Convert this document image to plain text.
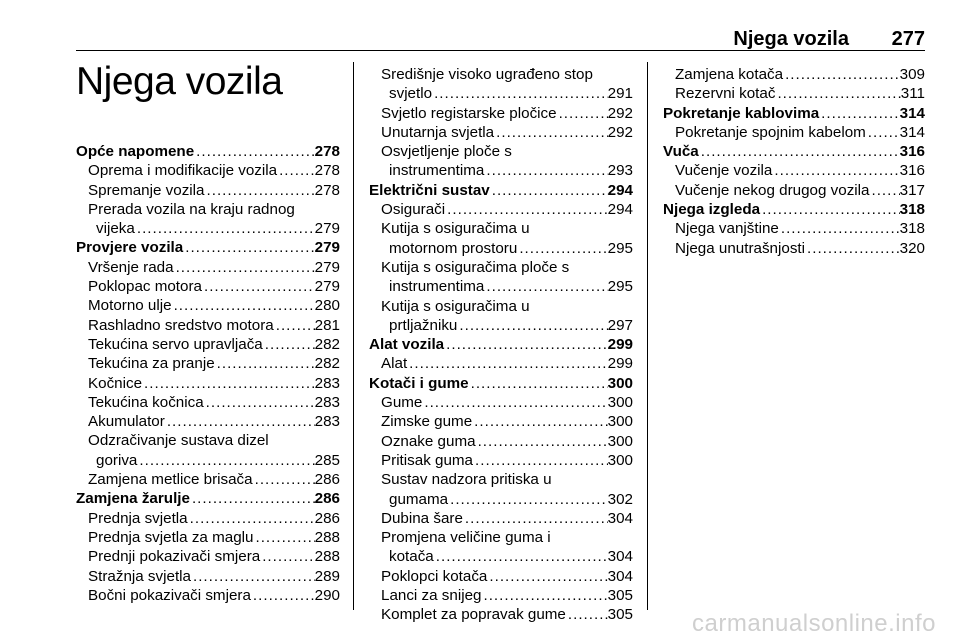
Njega vozila 277
Njega vozila
Opće napomene .....	278
Oprema i modifikacije vozila ..... 278
Spremanje vozila .....	278
Prerada vozila na kraju radnog
vijeka .....	279
Provjere vozila .....	279
Vršenje rada .....	279
Poklopac motora .....	279
Motorno ulje .....	280
Rashladno sredstvo motora .....	281
Tekućina servo upravljača .....	282
Tekućina za pranje .....	282
Kočnice .....	283
Tekućina kočnica .....	283
Akumulator .....	283
Odzračivanje sustava dizel
goriva .....	285
Zamjena metlice brisača .....	286
Zamjena žarulje .....	286
Prednja svjetla .....	286
Prednja svjetla za maglu .....	288
Prednji pokazivači smjera .....	288
Stražnja svjetla .....	289
Bočni pokazivači smjera .....	290
Središnje visoko ugrađeno stop
svjetlo .....	291
Svjetlo registarske pločice .....	292
Unutarnja svjetla .....	292
Osvjetljenje ploče s
instrumentima .....	293
Električni sustav .....	294
Osigurači .....	294
Kutija s osiguračima u
motornom prostoru .....	295
Kutija s osiguračima ploče s
instrumentima .....	295
Kutija s osiguračima u
prtljažniku .....	297
Alat vozila .....	299
Alat .....	299
Kotači i gume .....	300
Gume .....	300
Zimske gume .....	300
Oznake guma .....	300
Pritisak guma .....	300
Sustav nadzora pritiska u
gumama .....	302
Dubina šare .....	304
Promjena veličine guma i
kotača .....	304
Poklopci kotača .....	304
Lanci za snijeg .....	305
Komplet za popravak gume .....	305
Zamjena kotača .....	309
Rezervni kotač .....	311
Pokretanje kablovima .....	314
Pokretanje spojnim kabelom ..... 314
Vuča .....	316
Vučenje vozila .....	316
Vučenje nekog drugog vozila ..... 317
Njega izgleda .....	318
Njega vanjštine .....	318
Njega unutrašnjosti .....	320
carmanualsonline.info
